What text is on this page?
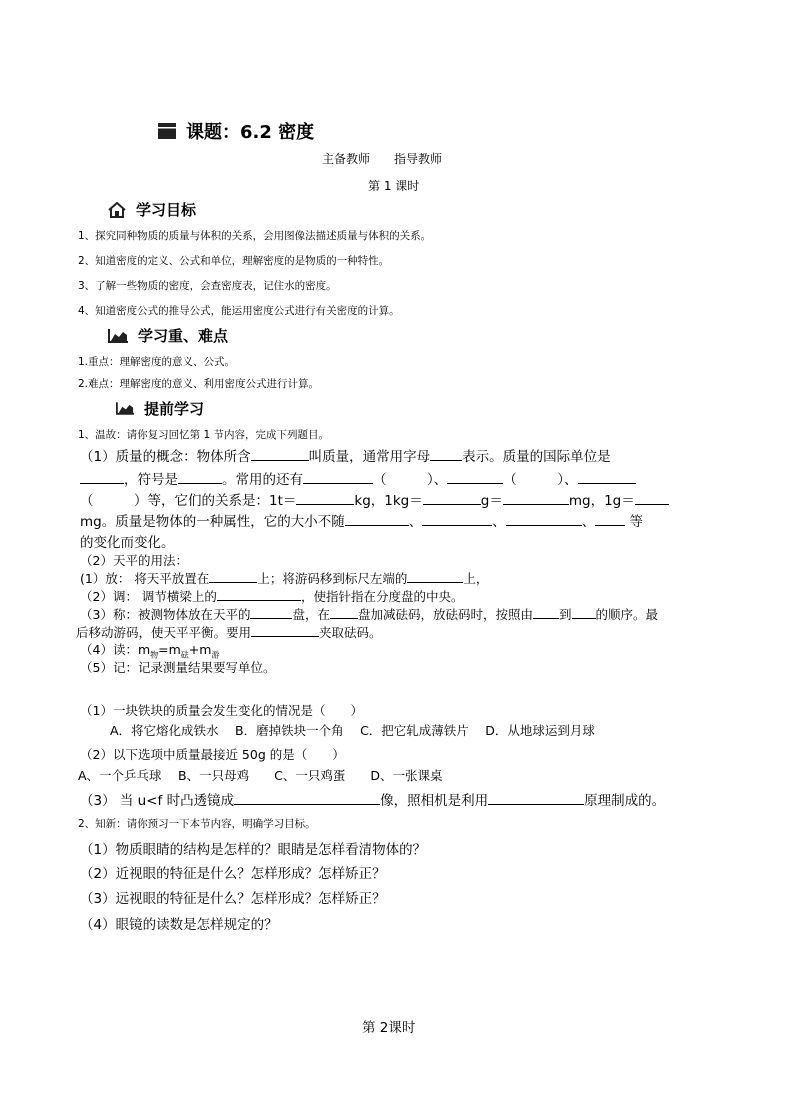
课题：6.2 密度
主备教师　　指导教师
第 1 课时
学习目标
1、探究同种物质的质量与体积的关系，会用图像法描述质量与体积的关系。
2、知道密度的定义、公式和单位，理解密度的是物质的一种特性。
3、了解一些物质的密度，会查密度表，记住水的密度。
4、知道密度公式的推导公式，能运用密度公式进行有关密度的计算。
学习重、难点
1.重点：理解密度的意义、公式。
2.难点：理解密度的意义、利用密度公式进行计算。
提前学习
1、温故：请你复习回忆第 1 节内容，完成下列题目。
（1）质量的概念：物体所含	叫质量，通常用字母 表示。质量的国际单位是
，符号是	。常用的还有	（　　　）、	（　　　）、
（　　　）等，它们的关系是：1t＝	kg，1kg＝	g＝	mg，1g＝
mg。质量是物体的一种属性，它的大小不随	、	、	、	等
的变化而变化。
（2）天平的用法：
(1）放： 将天平放置在	上；将游码移到标尺左端的	上，
（2）调： 调节横梁上的	，使指针指在分度盘的中央。
（3）称：被测物体放在天平的	盘，在 盘加减砝码，放砝码时，按照由 到 的顺序。最
后移动游码，使天平平衡。要用	夹取砝码。
（4）读：$m_物=m_砝+m_游$
（5）记：记录测量结果要写单位。
（1）一块铁块的质量会发生变化的情况是（　　）
A．将它熔化成铁水　 B．磨掉铁块一个角　 C．把它轧成薄铁片　 D．从地球运到月球
（2）以下选项中质量最接近 50g 的是（　　）
A、一个乒乓球　 B、一只母鸡　　C、一只鸡蛋　　D、一张课桌
（3） 当 u<f 时凸透镜成	像，照相机是利用	原理制成的。
2、知新：请你预习一下本节内容，明确学习目标。
（1）物质眼睛的结构是怎样的？眼睛是怎样看清物体的？
（2）近视眼的特征是什么？怎样形成？怎样矫正？
（3）远视眼的特征是什么？怎样形成？怎样矫正？
（4）眼镜的读数是怎样规定的？
第 2课时
